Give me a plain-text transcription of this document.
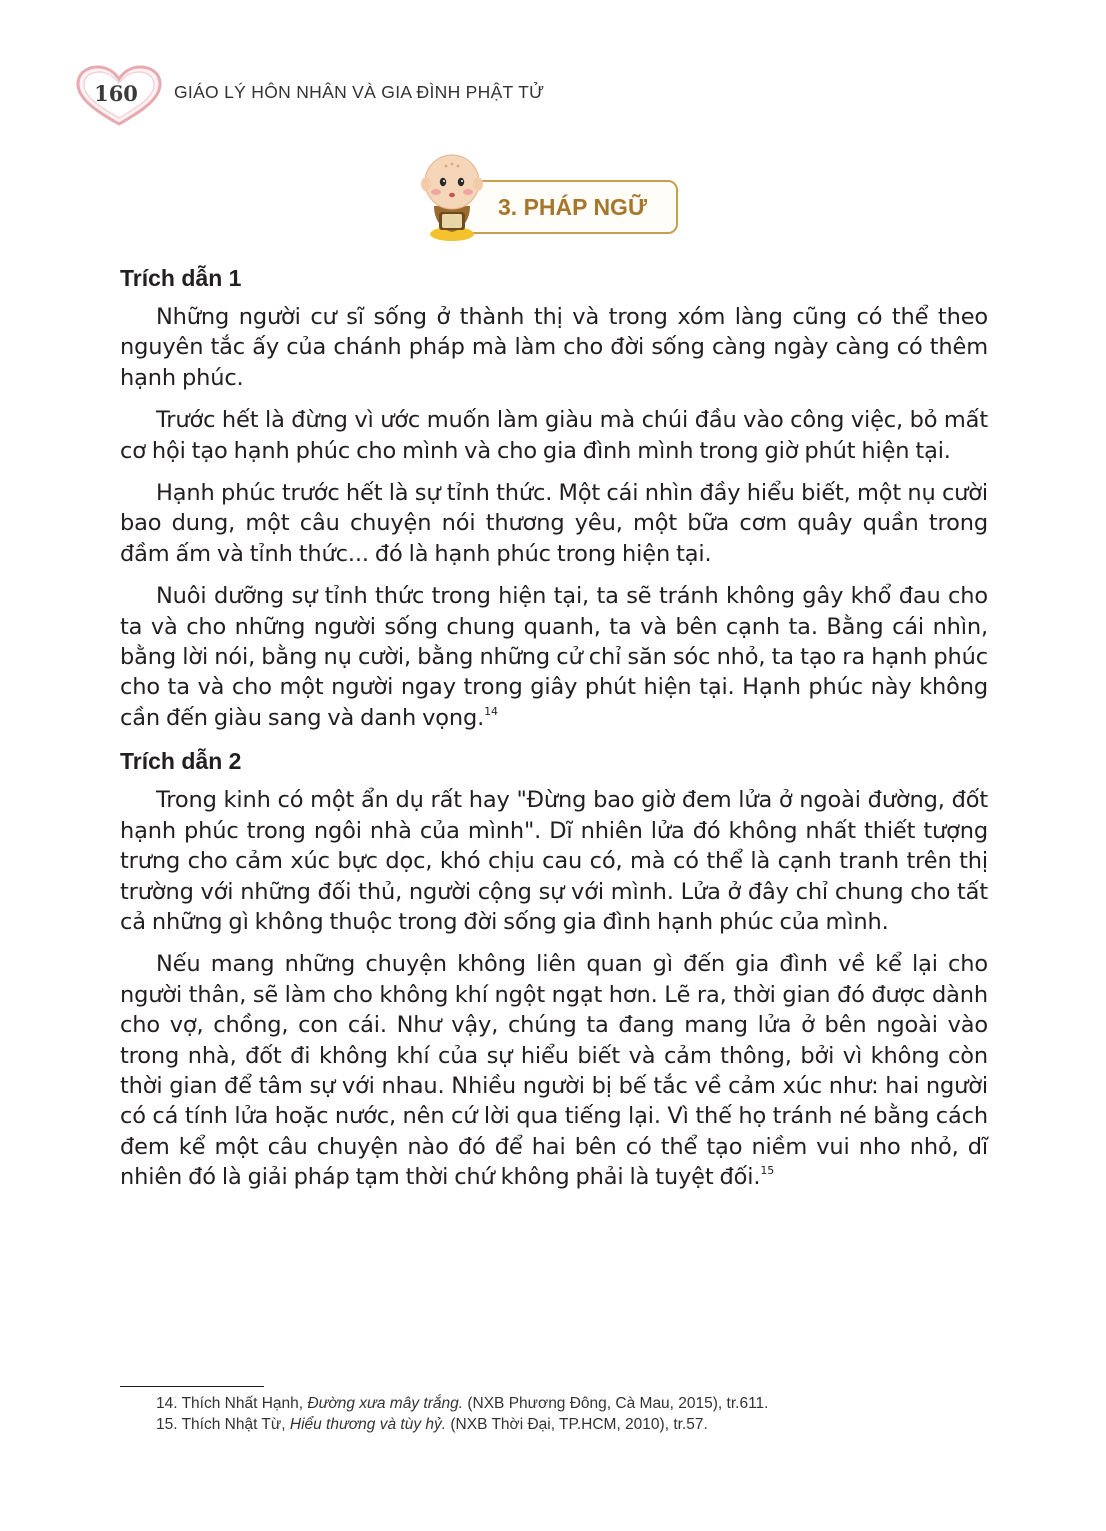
160	GIÁO LÝ HÔN NHÂN VÀ GIA ĐÌNH PHẬT TỬ
3. PHÁP NGỮ
Trích dẫn 1

Những người cư sĩ sống ở thành thị và trong xóm làng cũng có thể theo nguyên tắc ấy của chánh pháp mà làm cho đời sống càng ngày càng có thêm hạnh phúc.

Trước hết là đừng vì ước muốn làm giàu mà chúi đầu vào công việc, bỏ mất cơ hội tạo hạnh phúc cho mình và cho gia đình mình trong giờ phút hiện tại.

Hạnh phúc trước hết là sự tỉnh thức. Một cái nhìn đầy hiểu biết, một nụ cười bao dung, một câu chuyện nói thương yêu, một bữa cơm quây quần trong đầm ấm và tỉnh thức... đó là hạnh phúc trong hiện tại.

Nuôi dưỡng sự tỉnh thức trong hiện tại, ta sẽ tránh không gây khổ đau cho ta và cho những người sống chung quanh, ta và bên cạnh ta. Bằng cái nhìn, bằng lời nói, bằng nụ cười, bằng những cử chỉ săn sóc nhỏ, ta tạo ra hạnh phúc cho ta và cho một người ngay trong giây phút hiện tại. Hạnh phúc này không cần đến giàu sang và danh vọng.$^{14}$

Trích dẫn 2

Trong kinh có một ẩn dụ rất hay "Đừng bao giờ đem lửa ở ngoài đường, đốt hạnh phúc trong ngôi nhà của mình". Dĩ nhiên lửa đó không nhất thiết tượng trưng cho cảm xúc bực dọc, khó chịu cau có, mà có thể là cạnh tranh trên thị trường với những đối thủ, người cộng sự với mình. Lửa ở đây chỉ chung cho tất cả những gì không thuộc trong đời sống gia đình hạnh phúc của mình.

Nếu mang những chuyện không liên quan gì đến gia đình về kể lại cho người thân, sẽ làm cho không khí ngột ngạt hơn. Lẽ ra, thời gian đó được dành cho vợ, chồng, con cái. Như vậy, chúng ta đang mang lửa ở bên ngoài vào trong nhà, đốt đi không khí của sự hiểu biết và cảm thông, bởi vì không còn thời gian để tâm sự với nhau. Nhiều người bị bế tắc về cảm xúc như: hai người có cá tính lửa hoặc nước, nên cứ lời qua tiếng lại. Vì thế họ tránh né bằng cách đem kể một câu chuyện nào đó để hai bên có thể tạo niềm vui nho nhỏ, dĩ nhiên đó là giải pháp tạm thời chứ không phải là tuyệt đối.$^{15}$

14. Thích Nhất Hạnh, Đường xưa mây trắng. (NXB Phương Đông, Cà Mau, 2015), tr.611.
15. Thích Nhật Từ, Hiểu thương và tùy hỷ. (NXB Thời Đại, TP.HCM, 2010), tr.57.
